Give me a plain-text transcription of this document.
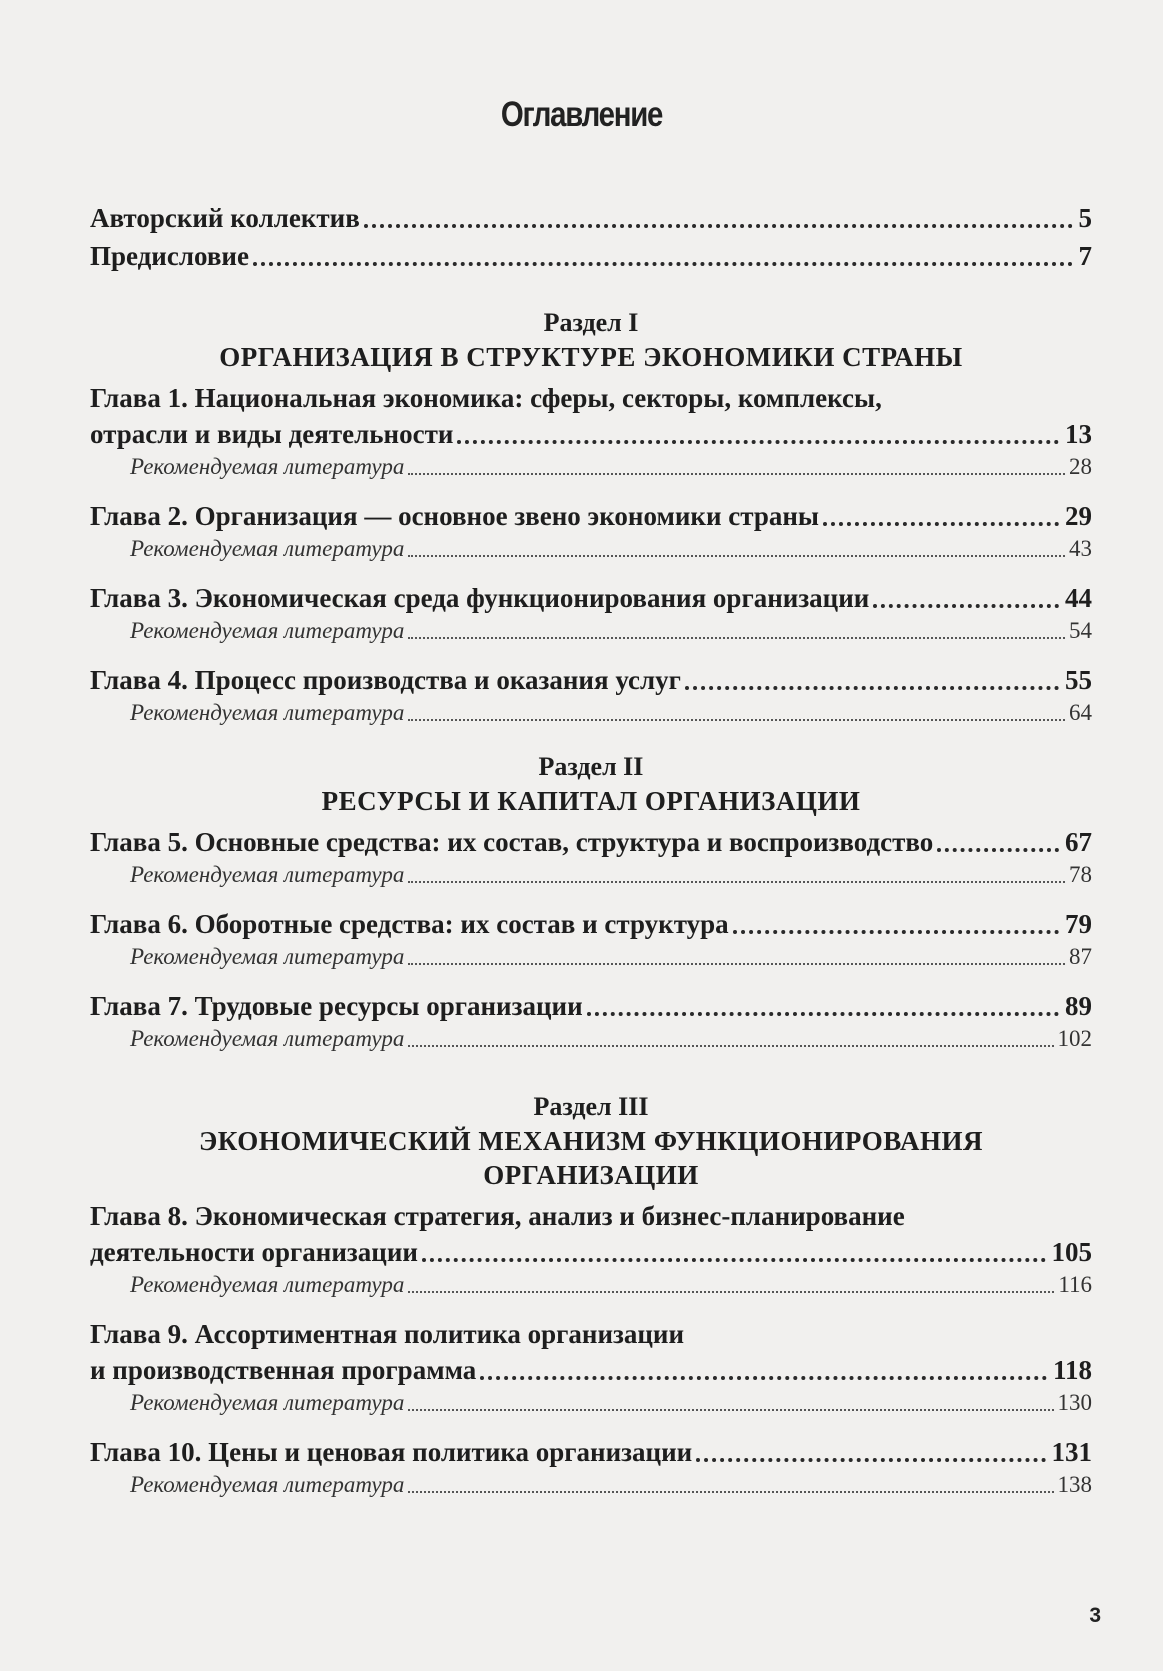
Оглавление
Авторский коллектив	5
Предисловие	7
Раздел I
ОРГАНИЗАЦИЯ В СТРУКТУРЕ ЭКОНОМИКИ СТРАНЫ
Глава 1. Национальная экономика: сферы, секторы, комплексы,
отрасли и виды деятельности	13
Рекомендуемая литература	28
Глава 2. Организация — основное звено экономики страны	29
Рекомендуемая литература	43
Глава 3. Экономическая среда функционирования организации	44
Рекомендуемая литература	54
Глава 4. Процесс производства и оказания услуг	55
Рекомендуемая литература	64
Раздел II
РЕСУРСЫ И КАПИТАЛ ОРГАНИЗАЦИИ
Глава 5. Основные средства: их состав, структура и воспроизводство	67
Рекомендуемая литература	78
Глава 6. Оборотные средства: их состав и структура	79
Рекомендуемая литература	87
Глава 7. Трудовые ресурсы организации	89
Рекомендуемая литература	102
Раздел III
ЭКОНОМИЧЕСКИЙ МЕХАНИЗМ ФУНКЦИОНИРОВАНИЯ
ОРГАНИЗАЦИИ
Глава 8. Экономическая стратегия, анализ и бизнес-планирование
деятельности организации	105
Рекомендуемая литература	116
Глава 9. Ассортиментная политика организации
и производственная программа	118
Рекомендуемая литература	130
Глава 10. Цены и ценовая политика организации	131
Рекомендуемая литература	138
3
